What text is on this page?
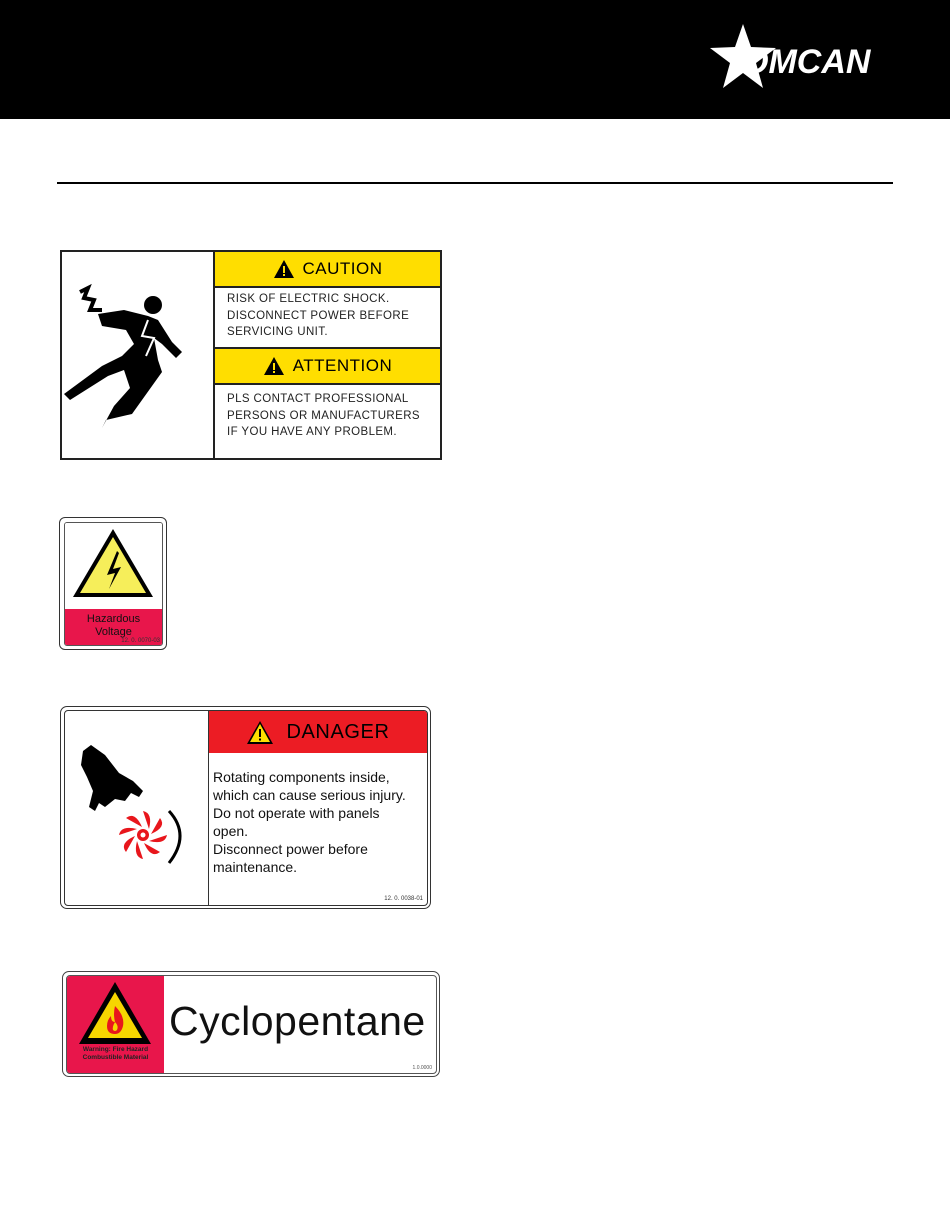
OMCAN
CAUTION
RISK OF ELECTRIC SHOCK.
DISCONNECT POWER BEFORE
SERVICING UNIT.
ATTENTION
PLS CONTACT PROFESSIONAL
PERSONS OR MANUFACTURERS
IF YOU HAVE ANY PROBLEM.
Hazardous
Voltage
12. 0. 0070-03
DANAGER
Rotating components inside,
which can cause serious injury.
Do not operate with panels
open.
Disconnect power before
maintenance.
12. 0. 0038-01
Warning: Fire Hazard
Combustible Material
Cyclopentane
1.0.0000
